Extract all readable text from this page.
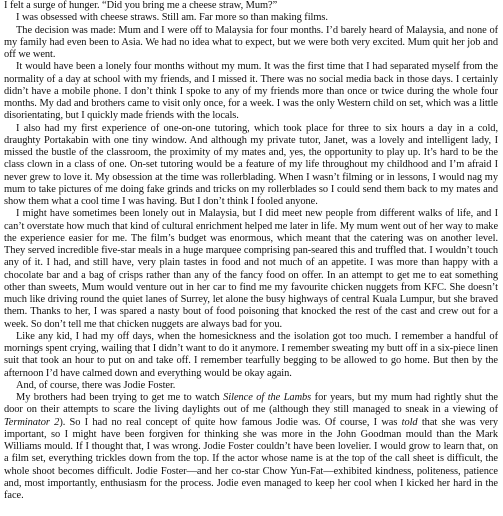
I felt a surge of hunger. “Did you bring me a cheese straw, Mum?”

I was obsessed with cheese straws. Still am. Far more so than making films.

The decision was made: Mum and I were off to Malaysia for four months. I’d barely heard of Malaysia, and none of my family had even been to Asia. We had no idea what to expect, but we were both very excited. Mum quit her job and off we went.

It would have been a lonely four months without my mum. It was the first time that I had separated myself from the normality of a day at school with my friends, and I missed it. There was no social media back in those days. I certainly didn’t have a mobile phone. I don’t think I spoke to any of my friends more than once or twice during the whole four months. My dad and brothers came to visit only once, for a week. I was the only Western child on set, which was a little disorientating, but I quickly made friends with the locals.

I also had my first experience of one-on-one tutoring, which took place for three to six hours a day in a cold, draughty Portakabin with one tiny window. And although my private tutor, Janet, was a lovely and intelligent lady, I missed the bustle of the classroom, the proximity of my mates and, yes, the opportunity to play up. It’s hard to be the class clown in a class of one. On-set tutoring would be a feature of my life throughout my childhood and I’m afraid I never grew to love it. My obsession at the time was rollerblading. When I wasn’t filming or in lessons, I would nag my mum to take pictures of me doing fake grinds and tricks on my rollerblades so I could send them back to my mates and show them what a cool time I was having. But I don’t think I fooled anyone.

I might have sometimes been lonely out in Malaysia, but I did meet new people from different walks of life, and I can’t overstate how much that kind of cultural enrichment helped me later in life. My mum went out of her way to make the experience easier for me. The film’s budget was enormous, which meant that the catering was on another level. They served incredible five-star meals in a huge marquee comprising pan-seared this and truffled that. I wouldn’t touch any of it. I had, and still have, very plain tastes in food and not much of an appetite. I was more than happy with a chocolate bar and a bag of crisps rather than any of the fancy food on offer. In an attempt to get me to eat something other than sweets, Mum would venture out in her car to find me my favourite chicken nuggets from KFC. She doesn’t much like driving round the quiet lanes of Surrey, let alone the busy highways of central Kuala Lumpur, but she braved them. Thanks to her, I was spared a nasty bout of food poisoning that knocked the rest of the cast and crew out for a week. So don’t tell me that chicken nuggets are always bad for you.

Like any kid, I had my off days, when the homesickness and the isolation got too much. I remember a handful of mornings spent crying, wailing that I didn’t want to do it anymore. I remember sweating my butt off in a six-piece linen suit that took an hour to put on and take off. I remember tearfully begging to be allowed to go home. But then by the afternoon I’d have calmed down and everything would be okay again.

And, of course, there was Jodie Foster.

My brothers had been trying to get me to watch Silence of the Lambs for years, but my mum had rightly shut the door on their attempts to scare the living daylights out of me (although they still managed to sneak in a viewing of Terminator 2). So I had no real concept of quite how famous Jodie was. Of course, I was told that she was very important, so I might have been forgiven for thinking she was more in the John Goodman mould than the Mark Williams mould. If I thought that, I was wrong. Jodie Foster couldn’t have been lovelier. I would grow to learn that, on a film set, everything trickles down from the top. If the actor whose name is at the top of the call sheet is difficult, the whole shoot becomes difficult. Jodie Foster—and her co-star Chow Yun-Fat—exhibited kindness, politeness, patience and, most importantly, enthusiasm for the process. Jodie even managed to keep her cool when I kicked her hard in the face.
